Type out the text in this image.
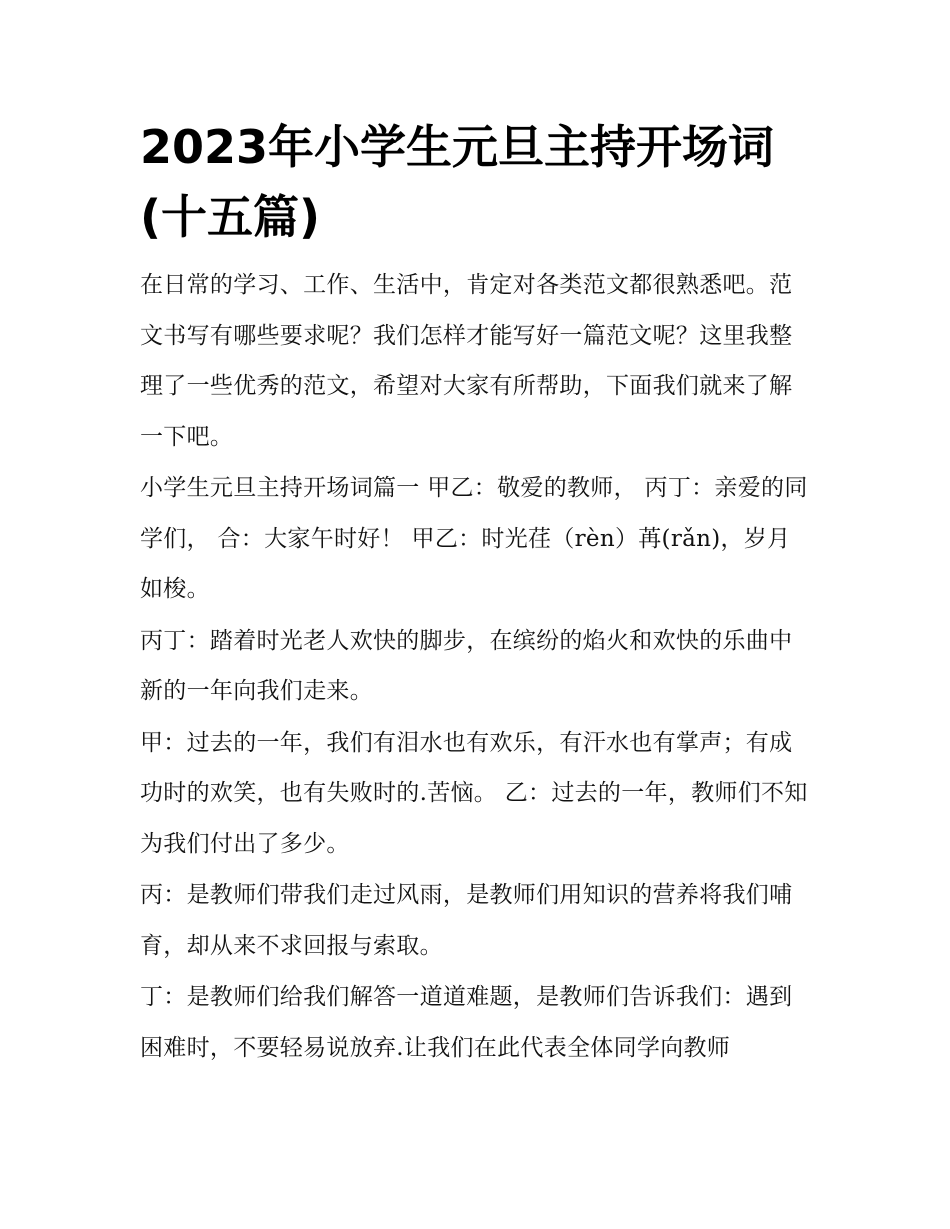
2023年小学生元旦主持开场词(十五篇)

在日常的学习、工作、生活中，肯定对各类范文都很熟悉吧。范文书写有哪些要求呢？我们怎样才能写好一篇范文呢？这里我整理了一些优秀的范文，希望对大家有所帮助，下面我们就来了解一下吧。

小学生元旦主持开场词篇一 甲乙：敬爱的教师， 丙丁：亲爱的同学们， 合：大家午时好！ 甲乙：时光荏（rèn）苒(rǎn)，岁月如梭。

丙丁：踏着时光老人欢快的脚步，在缤纷的焰火和欢快的乐曲中新的一年向我们走来。

甲：过去的一年，我们有泪水也有欢乐，有汗水也有掌声；有成功时的欢笑，也有失败时的.苦恼。 乙：过去的一年，教师们不知为我们付出了多少。

丙：是教师们带我们走过风雨，是教师们用知识的营养将我们哺育，却从来不求回报与索取。

丁：是教师们给我们解答一道道难题，是教师们告诉我们：遇到困难时，不要轻易说放弃.让我们在此代表全体同学向教师
